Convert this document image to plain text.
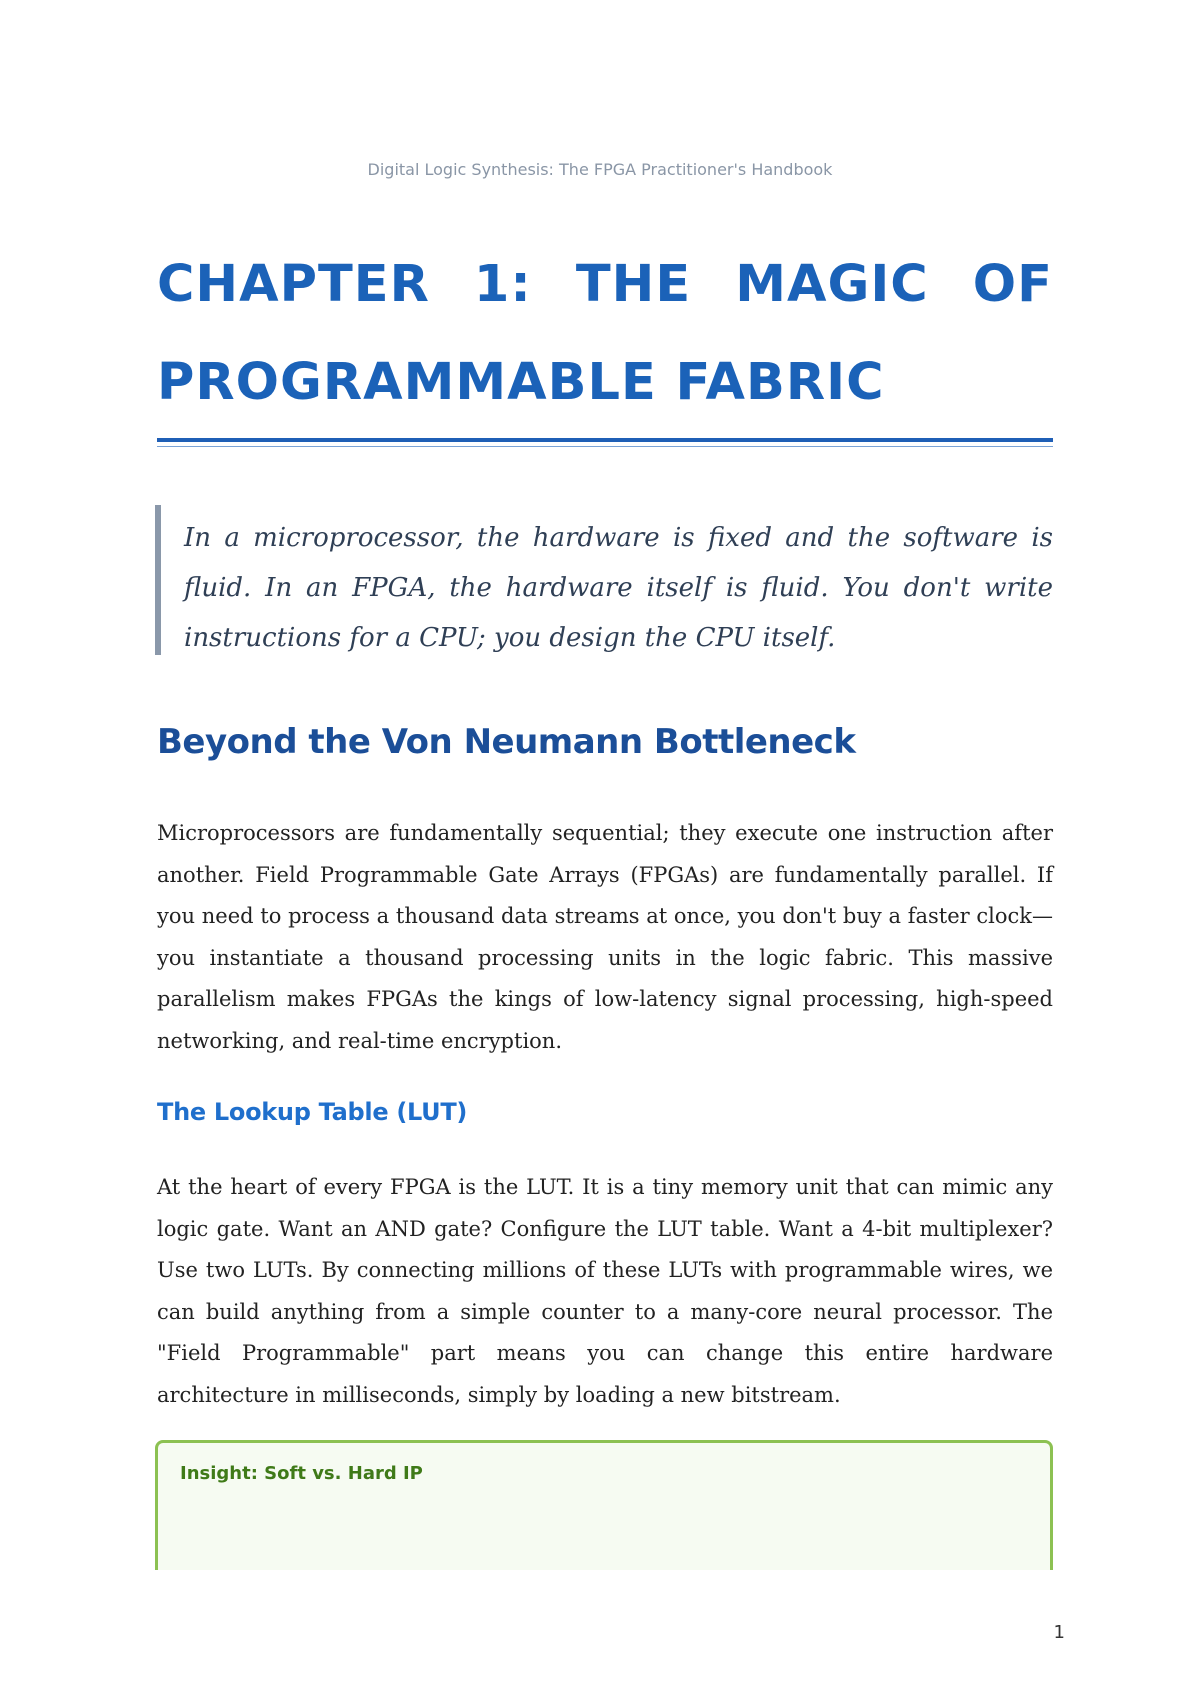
Digital Logic Synthesis: The FPGA Practitioner's Handbook
CHAPTER 1: THE MAGIC OF PROGRAMMABLE FABRIC

In a microprocessor, the hardware is fixed and the software is fluid. In an FPGA, the hardware itself is fluid. You don't write instructions for a CPU; you design the CPU itself.

Beyond the Von Neumann Bottleneck

Microprocessors are fundamentally sequential; they execute one instruction after another. Field Programmable Gate Arrays (FPGAs) are fundamentally parallel. If you need to process a thousand data streams at once, you don't buy a faster clock—you instantiate a thousand processing units in the logic fabric. This massive parallelism makes FPGAs the kings of low-latency signal processing, high-speed networking, and real-time encryption.

The Lookup Table (LUT)

At the heart of every FPGA is the LUT. It is a tiny memory unit that can mimic any logic gate. Want an AND gate? Configure the LUT table. Want a 4-bit multiplexer? Use two LUTs. By connecting millions of these LUTs with programmable wires, we can build anything from a simple counter to a many-core neural processor. The "Field Programmable" part means you can change this entire hardware architecture in milliseconds, simply by loading a new bitstream.

Insight: Soft vs. Hard IP

1
